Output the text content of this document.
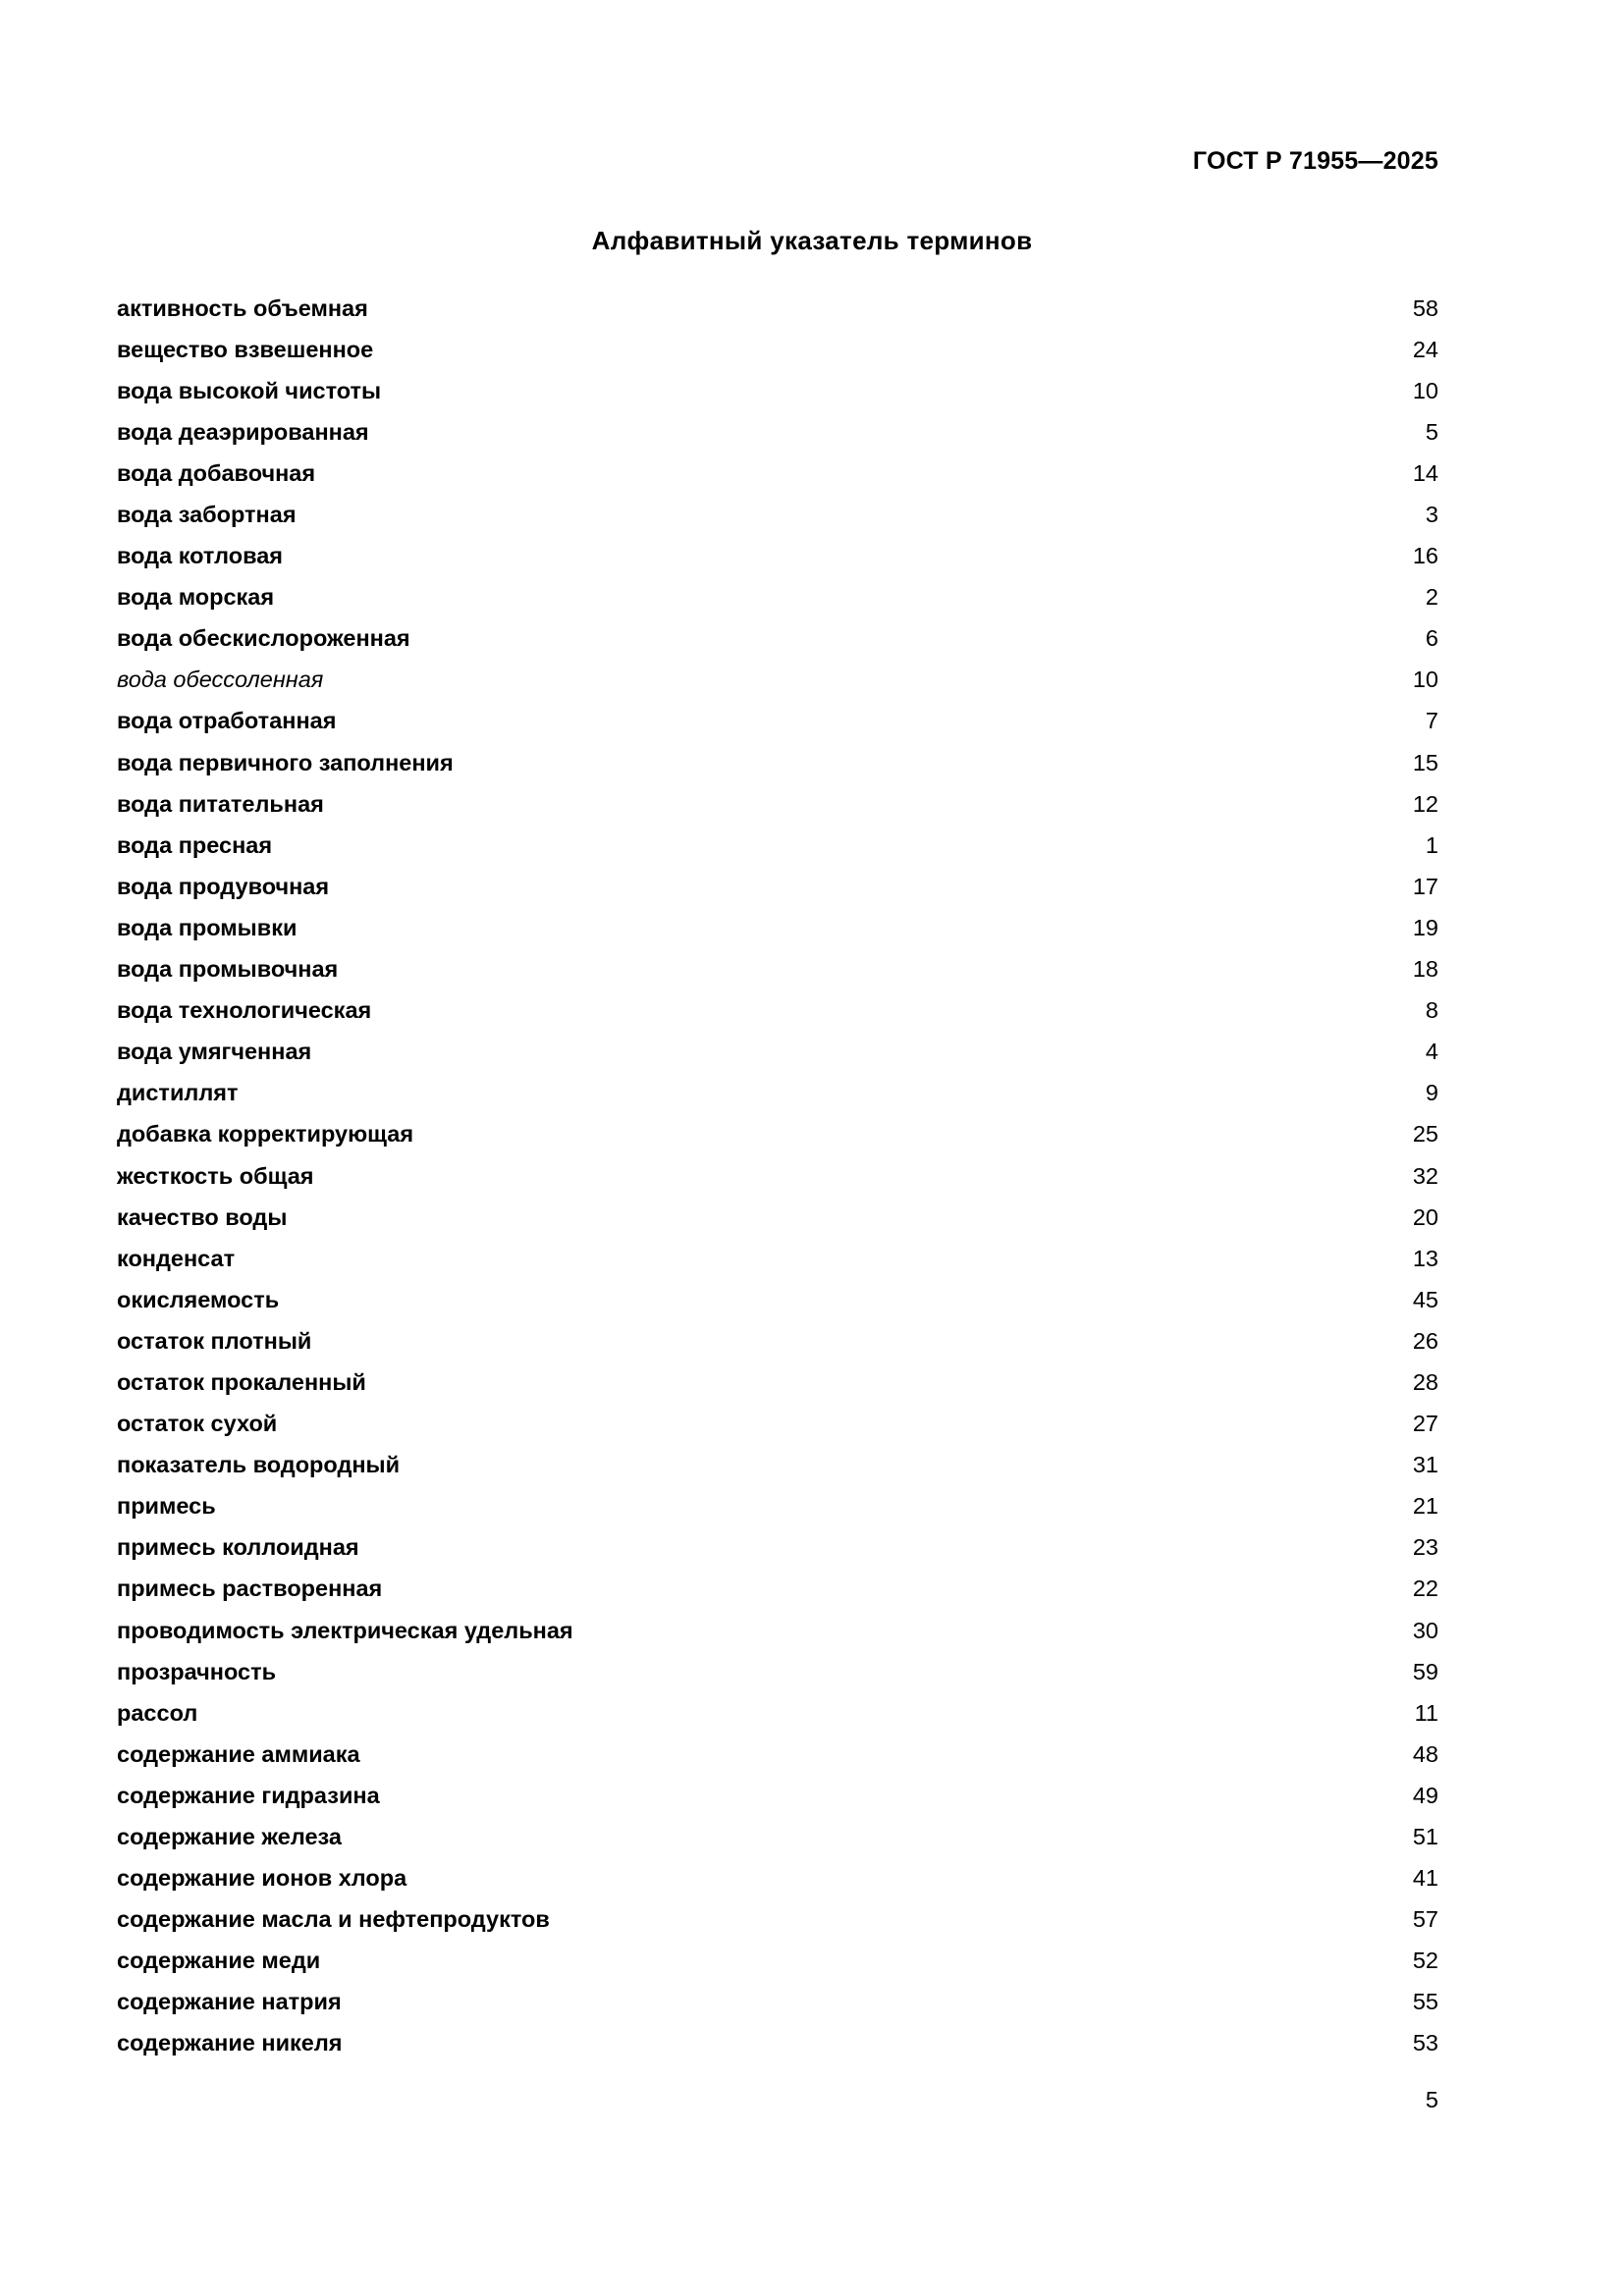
ГОСТ Р 71955—2025
Алфавитный указатель терминов
активность объемная	58
вещество взвешенное	24
вода высокой чистоты	10
вода деаэрированная	5
вода добавочная	14
вода забортная	3
вода котловая	16
вода морская	2
вода обескислороженная	6
вода обессоленная	10
вода отработанная	7
вода первичного заполнения	15
вода питательная	12
вода пресная	1
вода продувочная	17
вода промывки	19
вода промывочная	18
вода технологическая	8
вода умягченная	4
дистиллят	9
добавка корректирующая	25
жесткость общая	32
качество воды	20
конденсат	13
окисляемость	45
остаток плотный	26
остаток прокаленный	28
остаток сухой	27
показатель водородный	31
примесь	21
примесь коллоидная	23
примесь растворенная	22
проводимость электрическая удельная	30
прозрачность	59
рассол	11
содержание аммиака	48
содержание гидразина	49
содержание железа	51
содержание ионов хлора	41
содержание масла и нефтепродуктов	57
содержание меди	52
содержание натрия	55
содержание никеля	53
5
